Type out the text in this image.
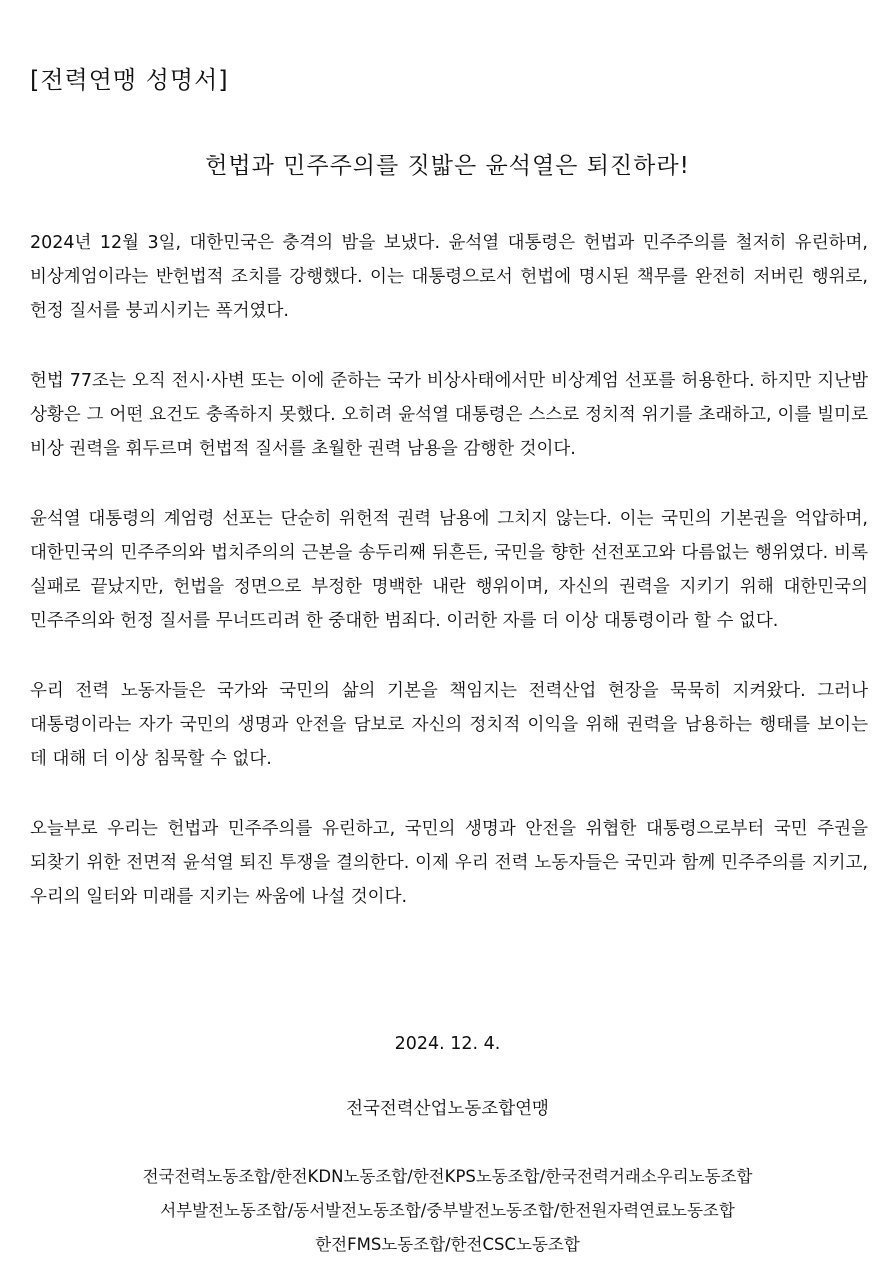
[전력연맹 성명서]
헌법과 민주주의를 짓밟은 윤석열은 퇴진하라!

2024년 12월 3일, 대한민국은 충격의 밤을 보냈다. 윤석열 대통령은 헌법과 민주주의를 철저히 유린하며, 비상계엄이라는 반헌법적 조치를 강행했다. 이는 대통령으로서 헌법에 명시된 책무를 완전히 저버린 행위로, 헌정 질서를 붕괴시키는 폭거였다.

헌법 77조는 오직 전시·사변 또는 이에 준하는 국가 비상사태에서만 비상계엄 선포를 허용한다. 하지만 지난밤 상황은 그 어떤 요건도 충족하지 못했다. 오히려 윤석열 대통령은 스스로 정치적 위기를 초래하고, 이를 빌미로 비상 권력을 휘두르며 헌법적 질서를 초월한 권력 남용을 감행한 것이다.

윤석열 대통령의 계엄령 선포는 단순히 위헌적 권력 남용에 그치지 않는다. 이는 국민의 기본권을 억압하며, 대한민국의 민주주의와 법치주의의 근본을 송두리째 뒤흔든, 국민을 향한 선전포고와 다름없는 행위였다. 비록 실패로 끝났지만, 헌법을 정면으로 부정한 명백한 내란 행위이며, 자신의 권력을 지키기 위해 대한민국의 민주주의와 헌정 질서를 무너뜨리려 한 중대한 범죄다. 이러한 자를 더 이상 대통령이라 할 수 없다.

우리 전력 노동자들은 국가와 국민의 삶의 기본을 책임지는 전력산업 현장을 묵묵히 지켜왔다. 그러나 대통령이라는 자가 국민의 생명과 안전을 담보로 자신의 정치적 이익을 위해 권력을 남용하는 행태를 보이는 데 대해 더 이상 침묵할 수 없다.

오늘부로 우리는 헌법과 민주주의를 유린하고, 국민의 생명과 안전을 위협한 대통령으로부터 국민 주권을 되찾기 위한 전면적 윤석열 퇴진 투쟁을 결의한다. 이제 우리 전력 노동자들은 국민과 함께 민주주의를 지키고, 우리의 일터와 미래를 지키는 싸움에 나설 것이다.

2024. 12. 4.
전국전력산업노동조합연맹
전국전력노동조합/한전KDN노동조합/한전KPS노동조합/한국전력거래소우리노동조합
서부발전노동조합/동서발전노동조합/중부발전노동조합/한전원자력연료노동조합
한전FMS노동조합/한전CSC노동조합
